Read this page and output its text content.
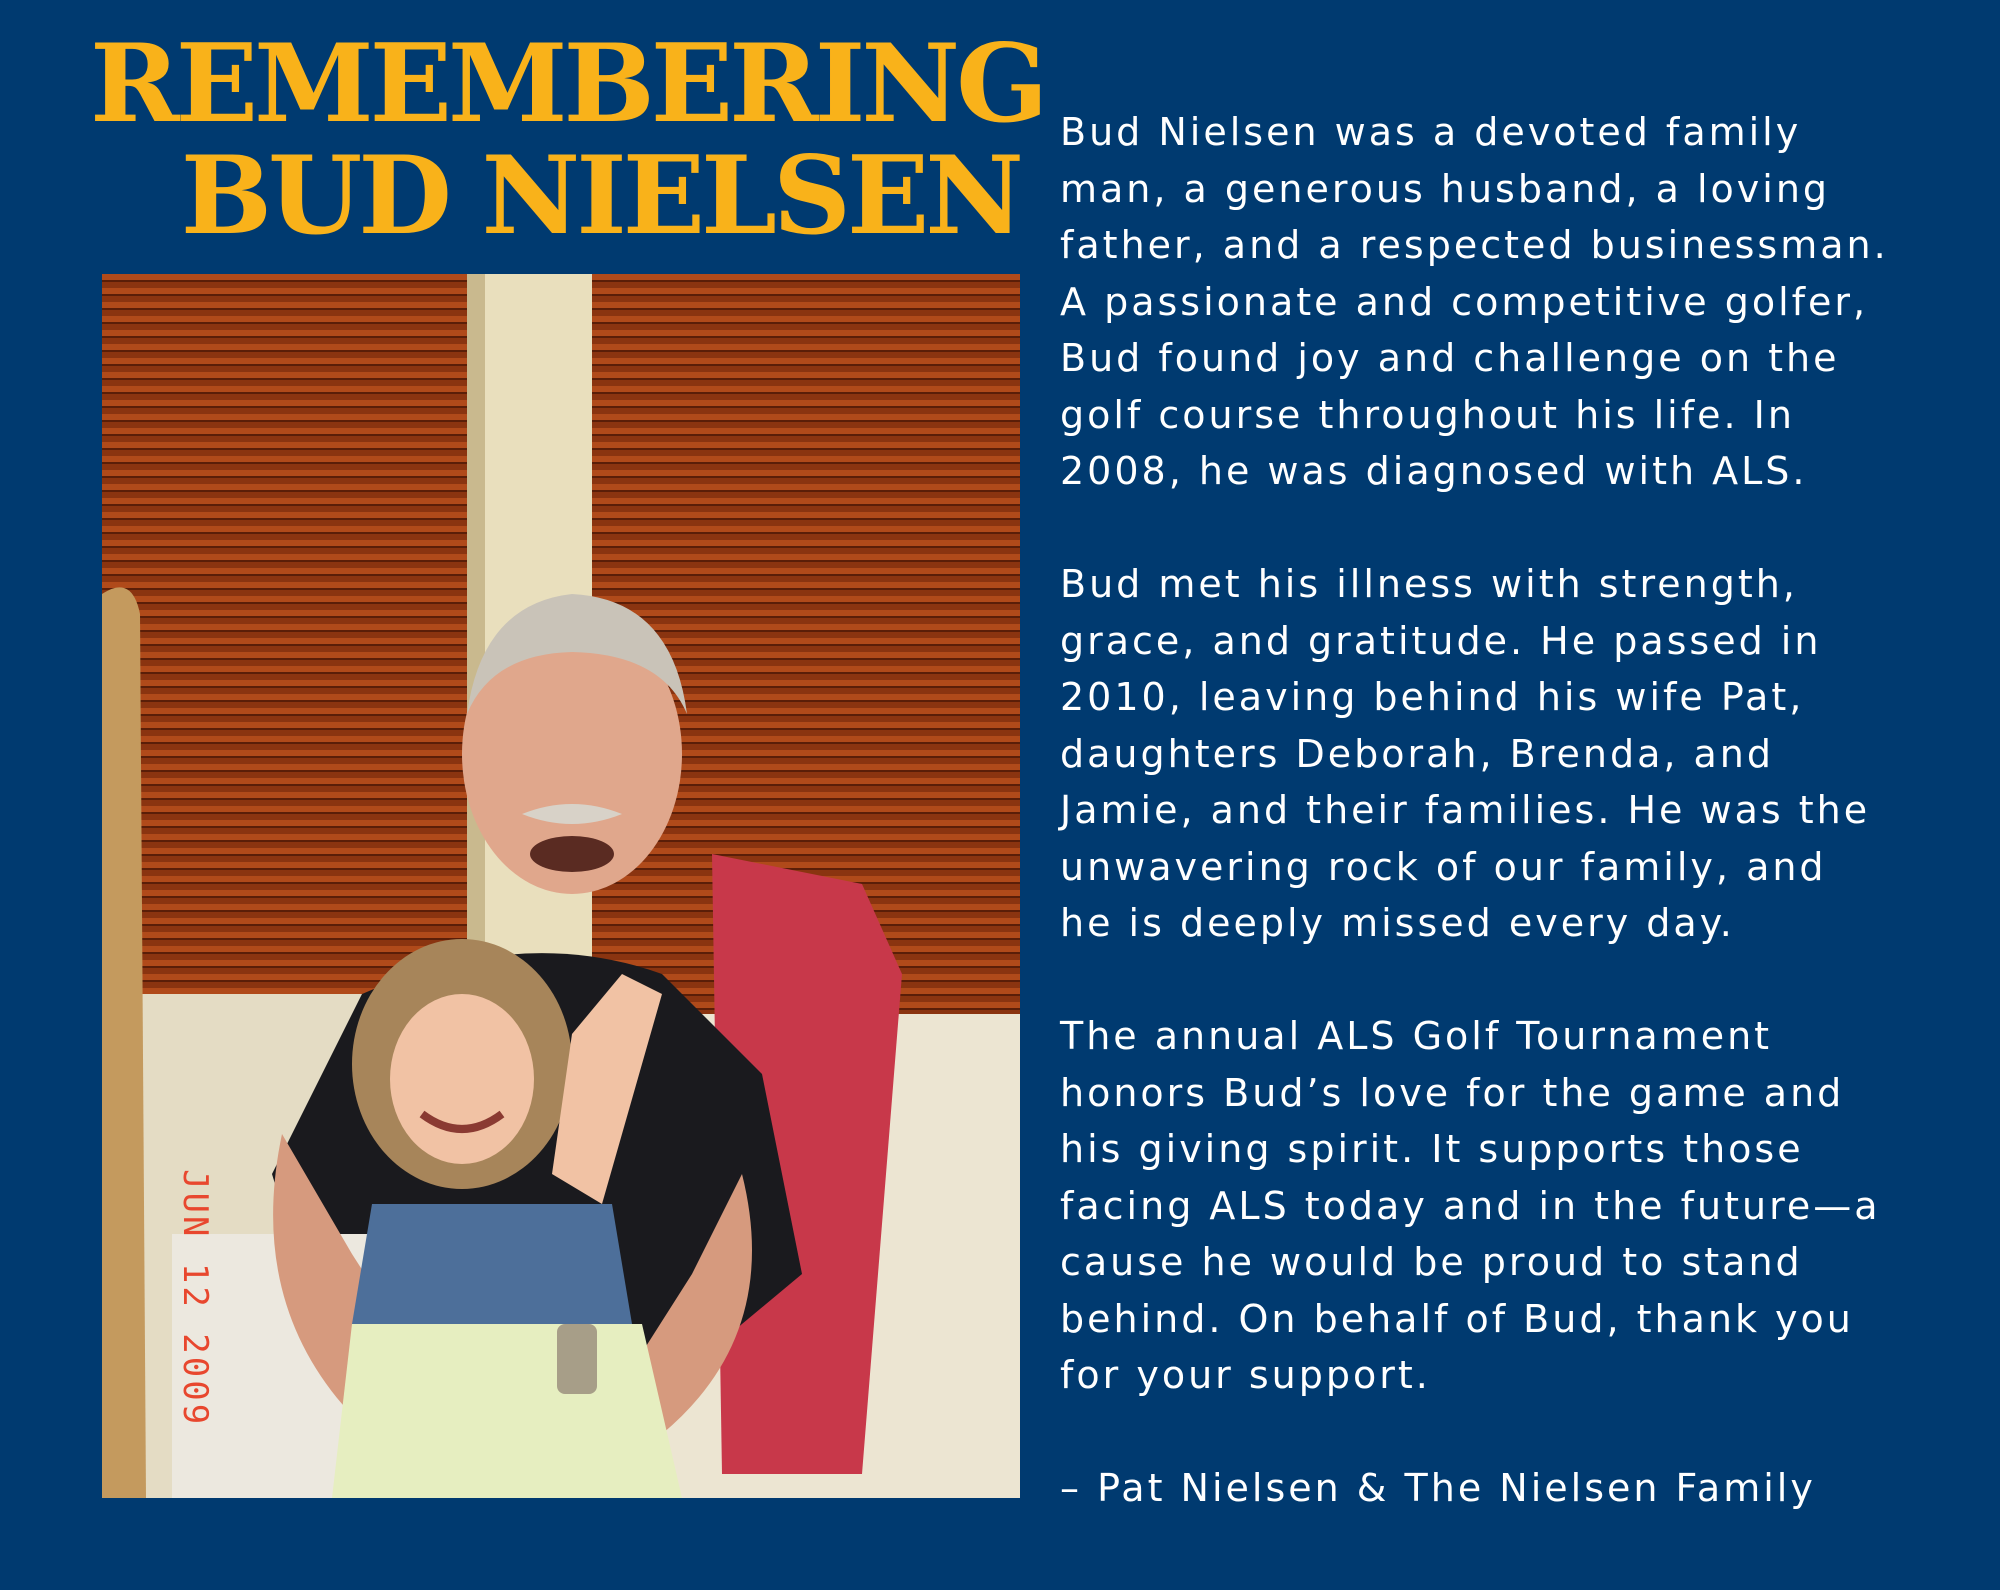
REMEMBERING
BUD NIELSEN
JUN 12 2009

Bud Nielsen was a devoted family
man, a generous husband, a loving
father, and a respected businessman.
A passionate and competitive golfer,
Bud found joy and challenge on the
golf course throughout his life. In
2008, he was diagnosed with ALS.

Bud met his illness with strength,
grace, and gratitude. He passed in
2010, leaving behind his wife Pat,
daughters Deborah, Brenda, and
Jamie, and their families. He was the
unwavering rock of our family, and
he is deeply missed every day.

The annual ALS Golf Tournament
honors Bud’s love for the game and
his giving spirit. It supports those
facing ALS today and in the future—a
cause he would be proud to stand
behind. On behalf of Bud, thank you
for your support.

– Pat Nielsen & The Nielsen Family
